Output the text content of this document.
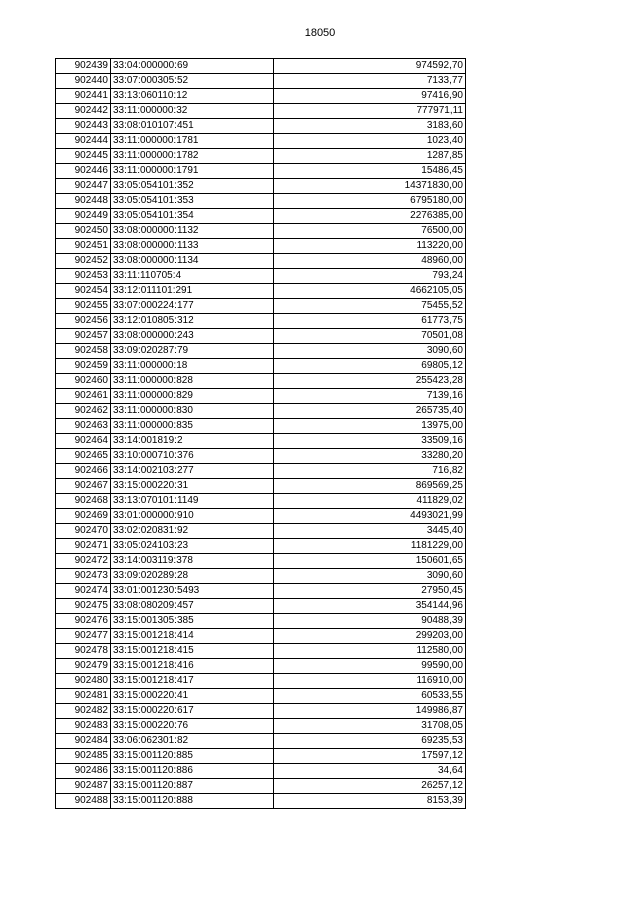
18050
902439	33:04:000000:69	974592,70
902440	33:07:000305:52	7133,77
902441	33:13:060110:12	97416,90
902442	33:11:000000:32	777971,11
902443	33:08:010107:451	3183,60
902444	33:11:000000:1781	1023,40
902445	33:11:000000:1782	1287,85
902446	33:11:000000:1791	15486,45
902447	33:05:054101:352	14371830,00
902448	33:05:054101:353	6795180,00
902449	33:05:054101:354	2276385,00
902450	33:08:000000:1132	76500,00
902451	33:08:000000:1133	113220,00
902452	33:08:000000:1134	48960,00
902453	33:11:110705:4	793,24
902454	33:12:011101:291	4662105,05
902455	33:07:000224:177	75455,52
902456	33:12:010805:312	61773,75
902457	33:08:000000:243	70501,08
902458	33:09:020287:79	3090,60
902459	33:11:000000:18	69805,12
902460	33:11:000000:828	255423,28
902461	33:11:000000:829	7139,16
902462	33:11:000000:830	265735,40
902463	33:11:000000:835	13975,00
902464	33:14:001819:2	33509,16
902465	33:10:000710:376	33280,20
902466	33:14:002103:277	716,82
902467	33:15:000220:31	869569,25
902468	33:13:070101:1149	411829,02
902469	33:01:000000:910	4493021,99
902470	33:02:020831:92	3445,40
902471	33:05:024103:23	1181229,00
902472	33:14:003119:378	150601,65
902473	33:09:020289:28	3090,60
902474	33:01:001230:5493	27950,45
902475	33:08:080209:457	354144,96
902476	33:15:001305:385	90488,39
902477	33:15:001218:414	299203,00
902478	33:15:001218:415	112580,00
902479	33:15:001218:416	99590,00
902480	33:15:001218:417	116910,00
902481	33:15:000220:41	60533,55
902482	33:15:000220:617	149986,87
902483	33:15:000220:76	31708,05
902484	33:06:062301:82	69235,53
902485	33:15:001120:885	17597,12
902486	33:15:001120:886	34,64
902487	33:15:001120:887	26257,12
902488	33:15:001120:888	8153,39
